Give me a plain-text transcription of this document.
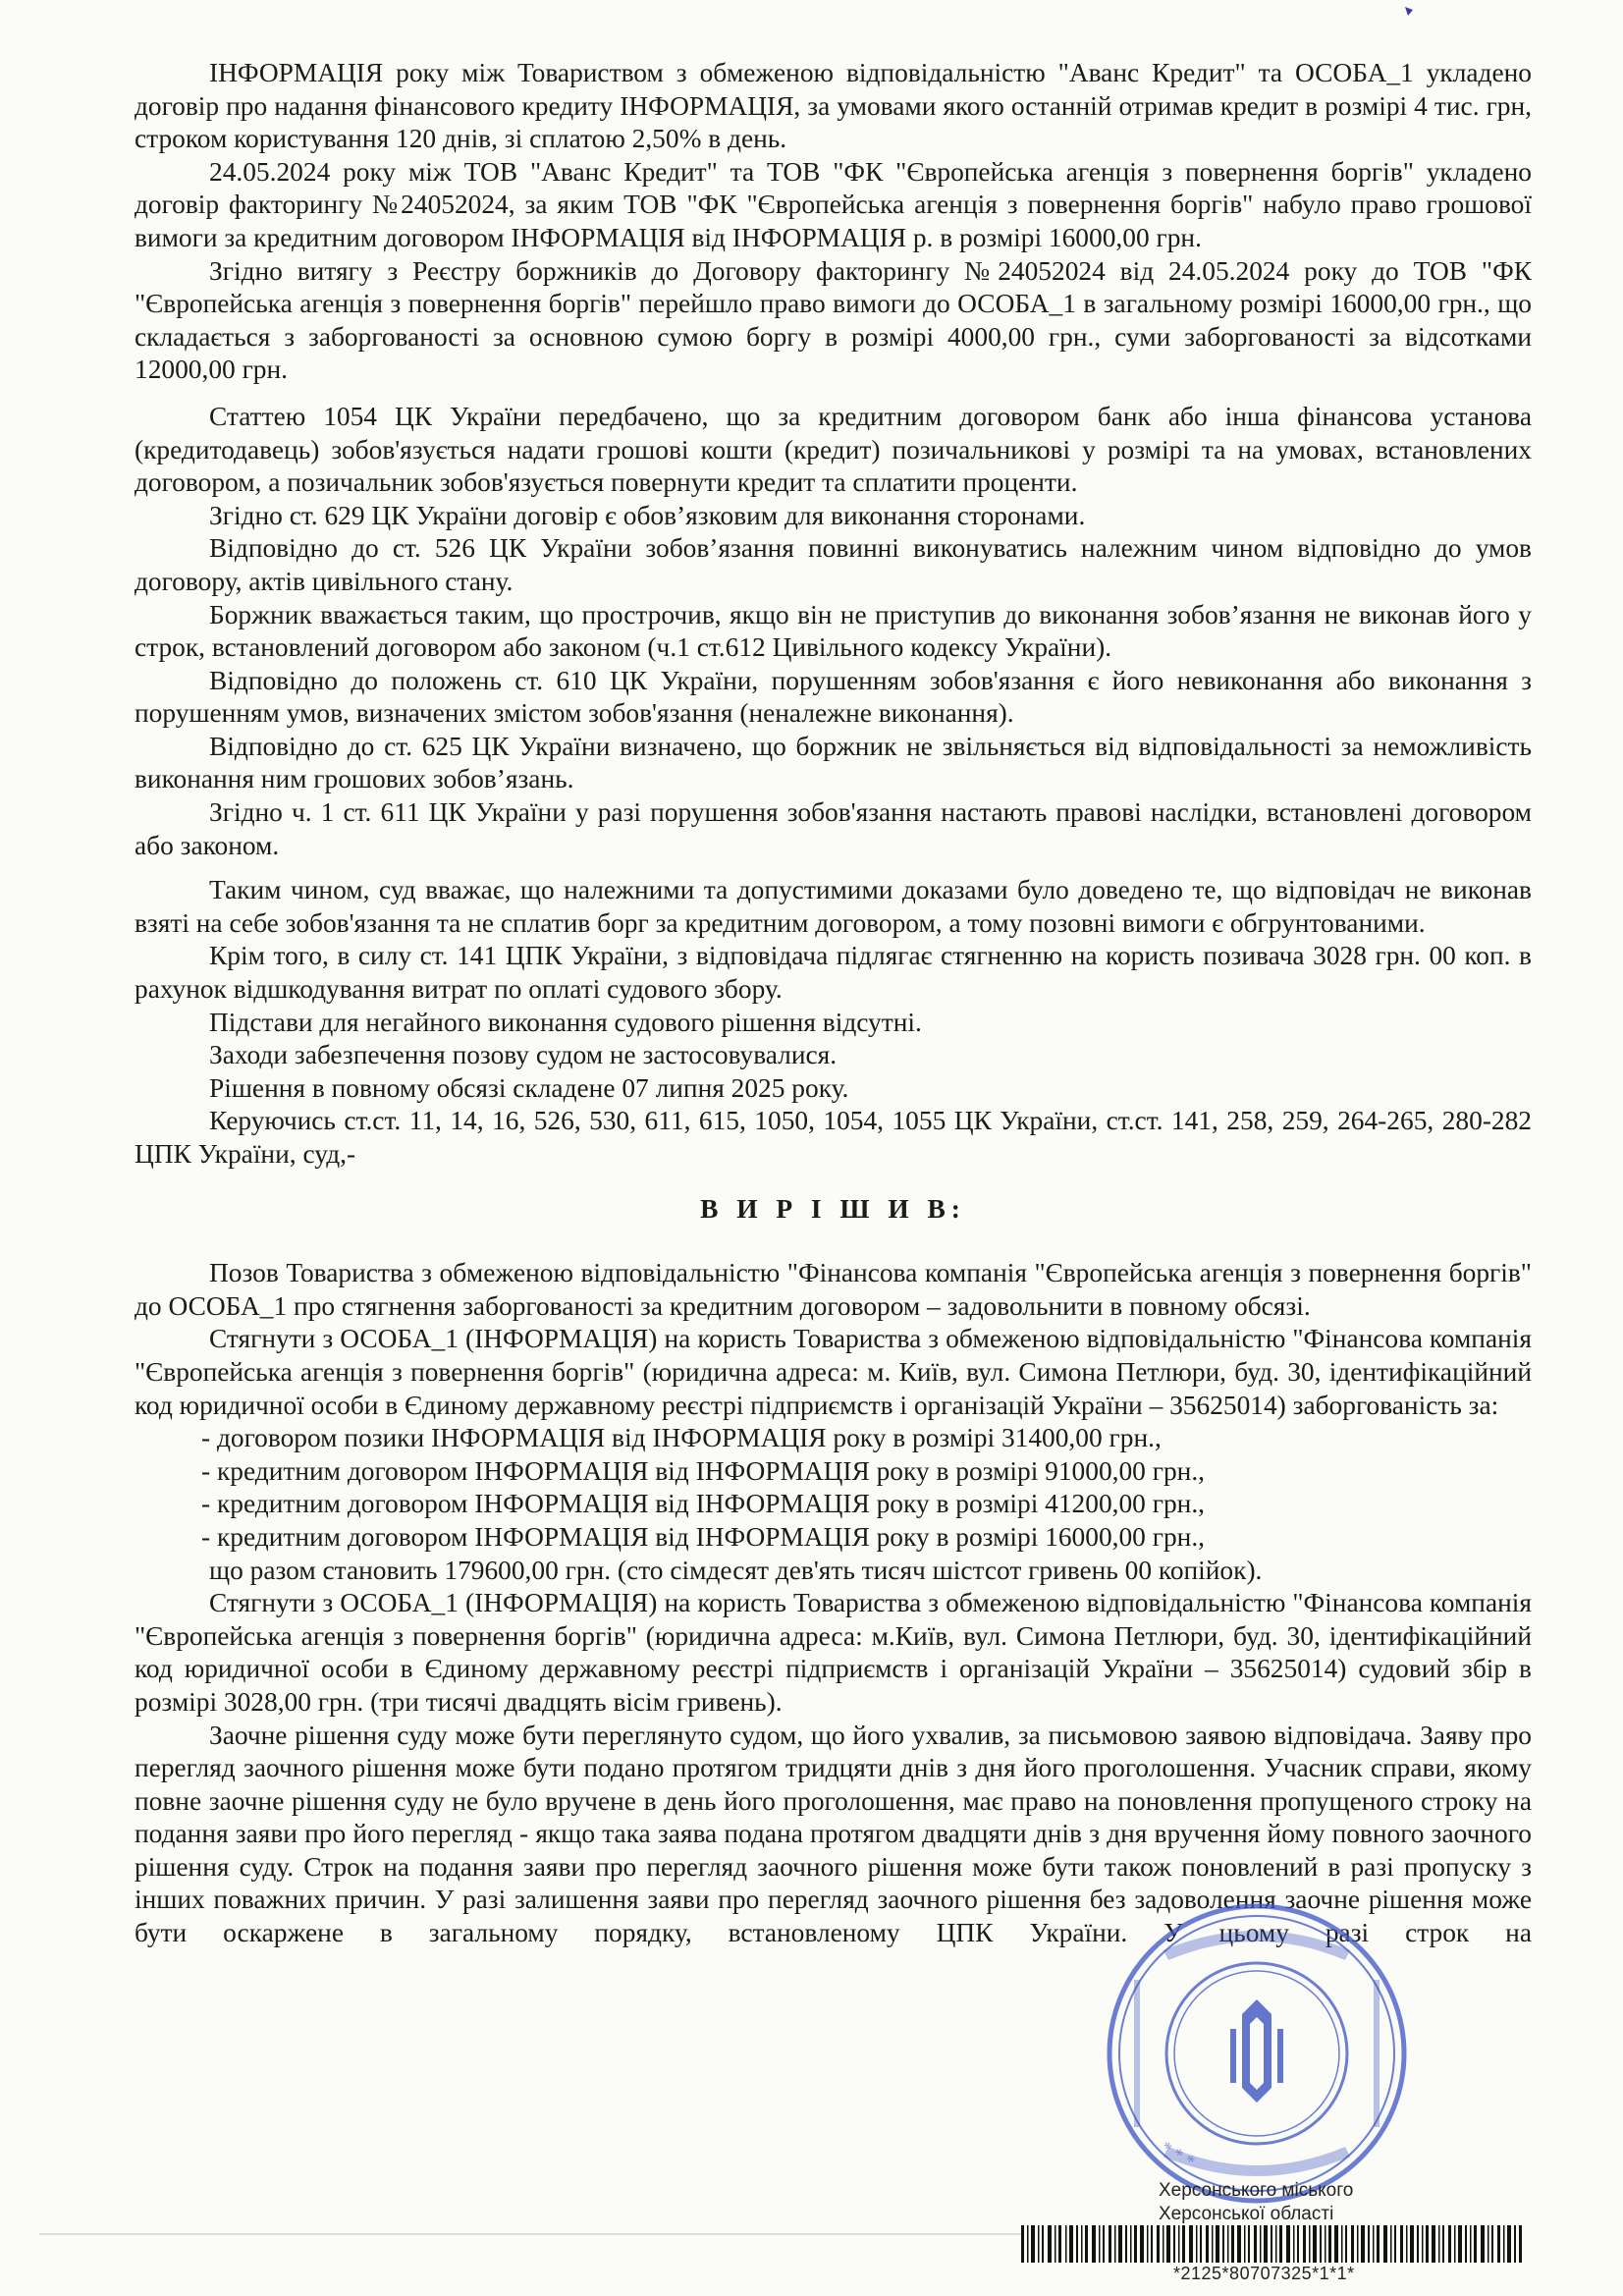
ІНФОРМАЦІЯ року між Товариством з обмеженою відповідальністю "Аванс Кредит" та ОСОБА_1 укладено договір про надання фінансового кредиту ІНФОРМАЦІЯ, за умовами якого останній отримав кредит в розмірі 4 тис. грн, строком користування 120 днів, зі сплатою 2,50% в день.

24.05.2024 року між ТОВ "Аванс Кредит" та ТОВ "ФК "Європейська агенція з повернення боргів" укладено договір факторингу №24052024, за яким ТОВ "ФК "Європейська агенція з повернення боргів" набуло право грошової вимоги за кредитним договором ІНФОРМАЦІЯ від ІНФОРМАЦІЯ р. в розмірі 16000,00 грн.

Згідно витягу з Реєстру боржників до Договору факторингу №24052024 від 24.05.2024 року до ТОВ "ФК "Європейська агенція з повернення боргів" перейшло право вимоги до ОСОБА_1 в загальному розмірі 16000,00 грн., що складається з заборгованості за основною сумою боргу в розмірі 4000,00 грн., суми заборгованості за відсотками 12000,00 грн.

Статтею 1054 ЦК України передбачено, що за кредитним договором банк або інша фінансова установа (кредитодавець) зобов'язується надати грошові кошти (кредит) позичальникові у розмірі та на умовах, встановлених договором, а позичальник зобов'язується повернути кредит та сплатити проценти.

Згідно ст. 629 ЦК України договір є обов’язковим для виконання сторонами.

Відповідно до ст. 526 ЦК України зобов’язання повинні виконуватись належним чином відповідно до умов договору, актів цивільного стану.

Боржник вважається таким, що прострочив, якщо він не приступив до виконання зобов’язання не виконав його у строк, встановлений договором або законом (ч.1 ст.612 Цивільного кодексу України).

Відповідно до положень ст. 610 ЦК України, порушенням зобов'язання є його невиконання або виконання з порушенням умов, визначених змістом зобов'язання (неналежне виконання).

Відповідно до ст. 625 ЦК України визначено, що боржник не звільняється від відповідальності за неможливість виконання ним грошових зобов’язань.

Згідно ч. 1 ст. 611 ЦК України у разі порушення зобов'язання настають правові наслідки, встановлені договором або законом.

Таким чином, суд вважає, що належними та допустимими доказами було доведено те, що відповідач не виконав взяті на себе зобов'язання та не сплатив борг за кредитним договором, а тому позовні вимоги є обгрунтованими.

Крім того, в силу ст. 141 ЦПК України, з відповідача підлягає стягненню на користь позивача 3028 грн. 00 коп. в рахунок відшкодування витрат по оплаті судового збору.

Підстави для негайного виконання судового рішення відсутні.

Заходи забезпечення позову судом не застосовувалися.

Рішення в повному обсязі складене 07 липня 2025 року.

Керуючись ст.ст. 11, 14, 16, 526, 530, 611, 615, 1050, 1054, 1055 ЦК України, ст.ст. 141, 258, 259, 264-265, 280-282 ЦПК України, суд,-

В И Р І Ш И В:

Позов Товариства з обмеженою відповідальністю "Фінансова компанія "Європейська агенція з повернення боргів" до ОСОБА_1 про стягнення заборгованості за кредитним договором – задовольнити в повному обсязі.

Стягнути з ОСОБА_1 (ІНФОРМАЦІЯ) на користь Товариства з обмеженою відповідальністю "Фінансова компанія "Європейська агенція з повернення боргів" (юридична адреса: м. Київ, вул. Симона Петлюри, буд. 30, ідентифікаційний код юридичної особи в Єдиному державному реєстрі підприємств і організацій України – 35625014) заборгованість за:

- договором позики ІНФОРМАЦІЯ від ІНФОРМАЦІЯ року в розмірі 31400,00 грн.,

- кредитним договором ІНФОРМАЦІЯ від ІНФОРМАЦІЯ року в розмірі 91000,00 грн.,

- кредитним договором ІНФОРМАЦІЯ від ІНФОРМАЦІЯ року в розмірі 41200,00 грн.,

- кредитним договором ІНФОРМАЦІЯ від ІНФОРМАЦІЯ року в розмірі 16000,00 грн.,

що разом становить 179600,00 грн. (сто сімдесят дев'ять тисяч шістсот гривень 00 копійок).

Стягнути з ОСОБА_1 (ІНФОРМАЦІЯ) на користь Товариства з обмеженою відповідальністю "Фінансова компанія "Європейська агенція з повернення боргів" (юридична адреса: м.Київ, вул. Симона Петлюри, буд. 30, ідентифікаційний код юридичної особи в Єдиному державному реєстрі підприємств і організацій України – 35625014) судовий збір в розмірі 3028,00 грн. (три тисячі двадцять вісім гривень).

Заочне рішення суду може бути переглянуто судом, що його ухвалив, за письмовою заявою відповідача. Заяву про перегляд заочного рішення може бути подано протягом тридцяти днів з дня його проголошення. Учасник справи, якому повне заочне рішення суду не було вручене в день його проголошення, має право на поновлення пропущеного строку на подання заяви про його перегляд - якщо така заява подана протягом двадцяти днів з дня вручення йому повного заочного рішення суду. Строк на подання заяви про перегляд заочного рішення може бути також поновлений в разі пропуску з інших поважних причин. У разі залишення заяви про перегляд заочного рішення без задоволення заочне рішення може бути оскаржене в загальному порядку, встановленому ЦПК України. У цьому разі строк на

* * *
Херсонського міського
Херсонської області
*2125*80707325*1*1*
